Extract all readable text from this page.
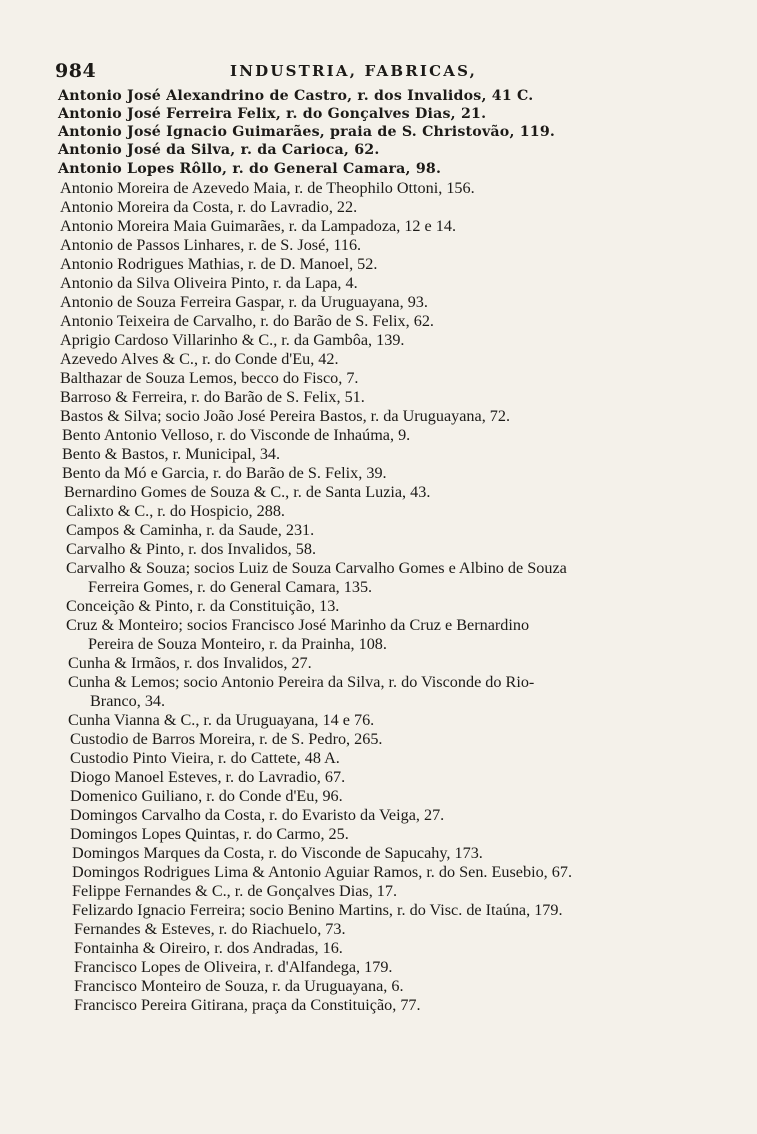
984	INDUSTRIA, FABRICAS,
Antonio José Alexandrino de Castro, r. dos Invalidos, 41 C.
Antonio José Ferreira Felix, r. do Gonçalves Dias, 21.
Antonio José Ignacio Guimarães, praia de S. Christovão, 119.
Antonio José da Silva, r. da Carioca, 62.
Antonio Lopes Rôllo, r. do General Camara, 98.
Antonio Moreira de Azevedo Maia, r. de Theophilo Ottoni, 156.
Antonio Moreira da Costa, r. do Lavradio, 22.
Antonio Moreira Maia Guimarães, r. da Lampadoza, 12 e 14.
Antonio de Passos Linhares, r. de S. José, 116.
Antonio Rodrigues Mathias, r. de D. Manoel, 52.
Antonio da Silva Oliveira Pinto, r. da Lapa, 4.
Antonio de Souza Ferreira Gaspar, r. da Uruguayana, 93.
Antonio Teixeira de Carvalho, r. do Barão de S. Felix, 62.
Aprigio Cardoso Villarinho & C., r. da Gambôa, 139.
Azevedo Alves & C., r. do Conde d'Eu, 42.
Balthazar de Souza Lemos, becco do Fisco, 7.
Barroso & Ferreira, r. do Barão de S. Felix, 51.
Bastos & Silva; socio João José Pereira Bastos, r. da Uruguayana, 72.
Bento Antonio Velloso, r. do Visconde de Inhaúma, 9.
Bento & Bastos, r. Municipal, 34.
Bento da Mó e Garcia, r. do Barão de S. Felix, 39.
Bernardino Gomes de Souza & C., r. de Santa Luzia, 43.
Calixto & C., r. do Hospicio, 288.
Campos & Caminha, r. da Saude, 231.
Carvalho & Pinto, r. dos Invalidos, 58.
Carvalho & Souza; socios Luiz de Souza Carvalho Gomes e Albino de Souza
Ferreira Gomes, r. do General Camara, 135.
Conceição & Pinto, r. da Constituição, 13.
Cruz & Monteiro; socios Francisco José Marinho da Cruz e Bernardino
Pereira de Souza Monteiro, r. da Prainha, 108.
Cunha & Irmãos, r. dos Invalidos, 27.
Cunha & Lemos; socio Antonio Pereira da Silva, r. do Visconde do Rio-
Branco, 34.
Cunha Vianna & C., r. da Uruguayana, 14 e 76.
Custodio de Barros Moreira, r. de S. Pedro, 265.
Custodio Pinto Vieira, r. do Cattete, 48 A.
Diogo Manoel Esteves, r. do Lavradio, 67.
Domenico Guiliano, r. do Conde d'Eu, 96.
Domingos Carvalho da Costa, r. do Evaristo da Veiga, 27.
Domingos Lopes Quintas, r. do Carmo, 25.
Domingos Marques da Costa, r. do Visconde de Sapucahy, 173.
Domingos Rodrigues Lima & Antonio Aguiar Ramos, r. do Sen. Eusebio, 67.
Felippe Fernandes & C., r. de Gonçalves Dias, 17.
Felizardo Ignacio Ferreira; socio Benino Martins, r. do Visc. de Itaúna, 179.
Fernandes & Esteves, r. do Riachuelo, 73.
Fontainha & Oireiro, r. dos Andradas, 16.
Francisco Lopes de Oliveira, r. d'Alfandega, 179.
Francisco Monteiro de Souza, r. da Uruguayana, 6.
Francisco Pereira Gitirana, praça da Constituição, 77.
